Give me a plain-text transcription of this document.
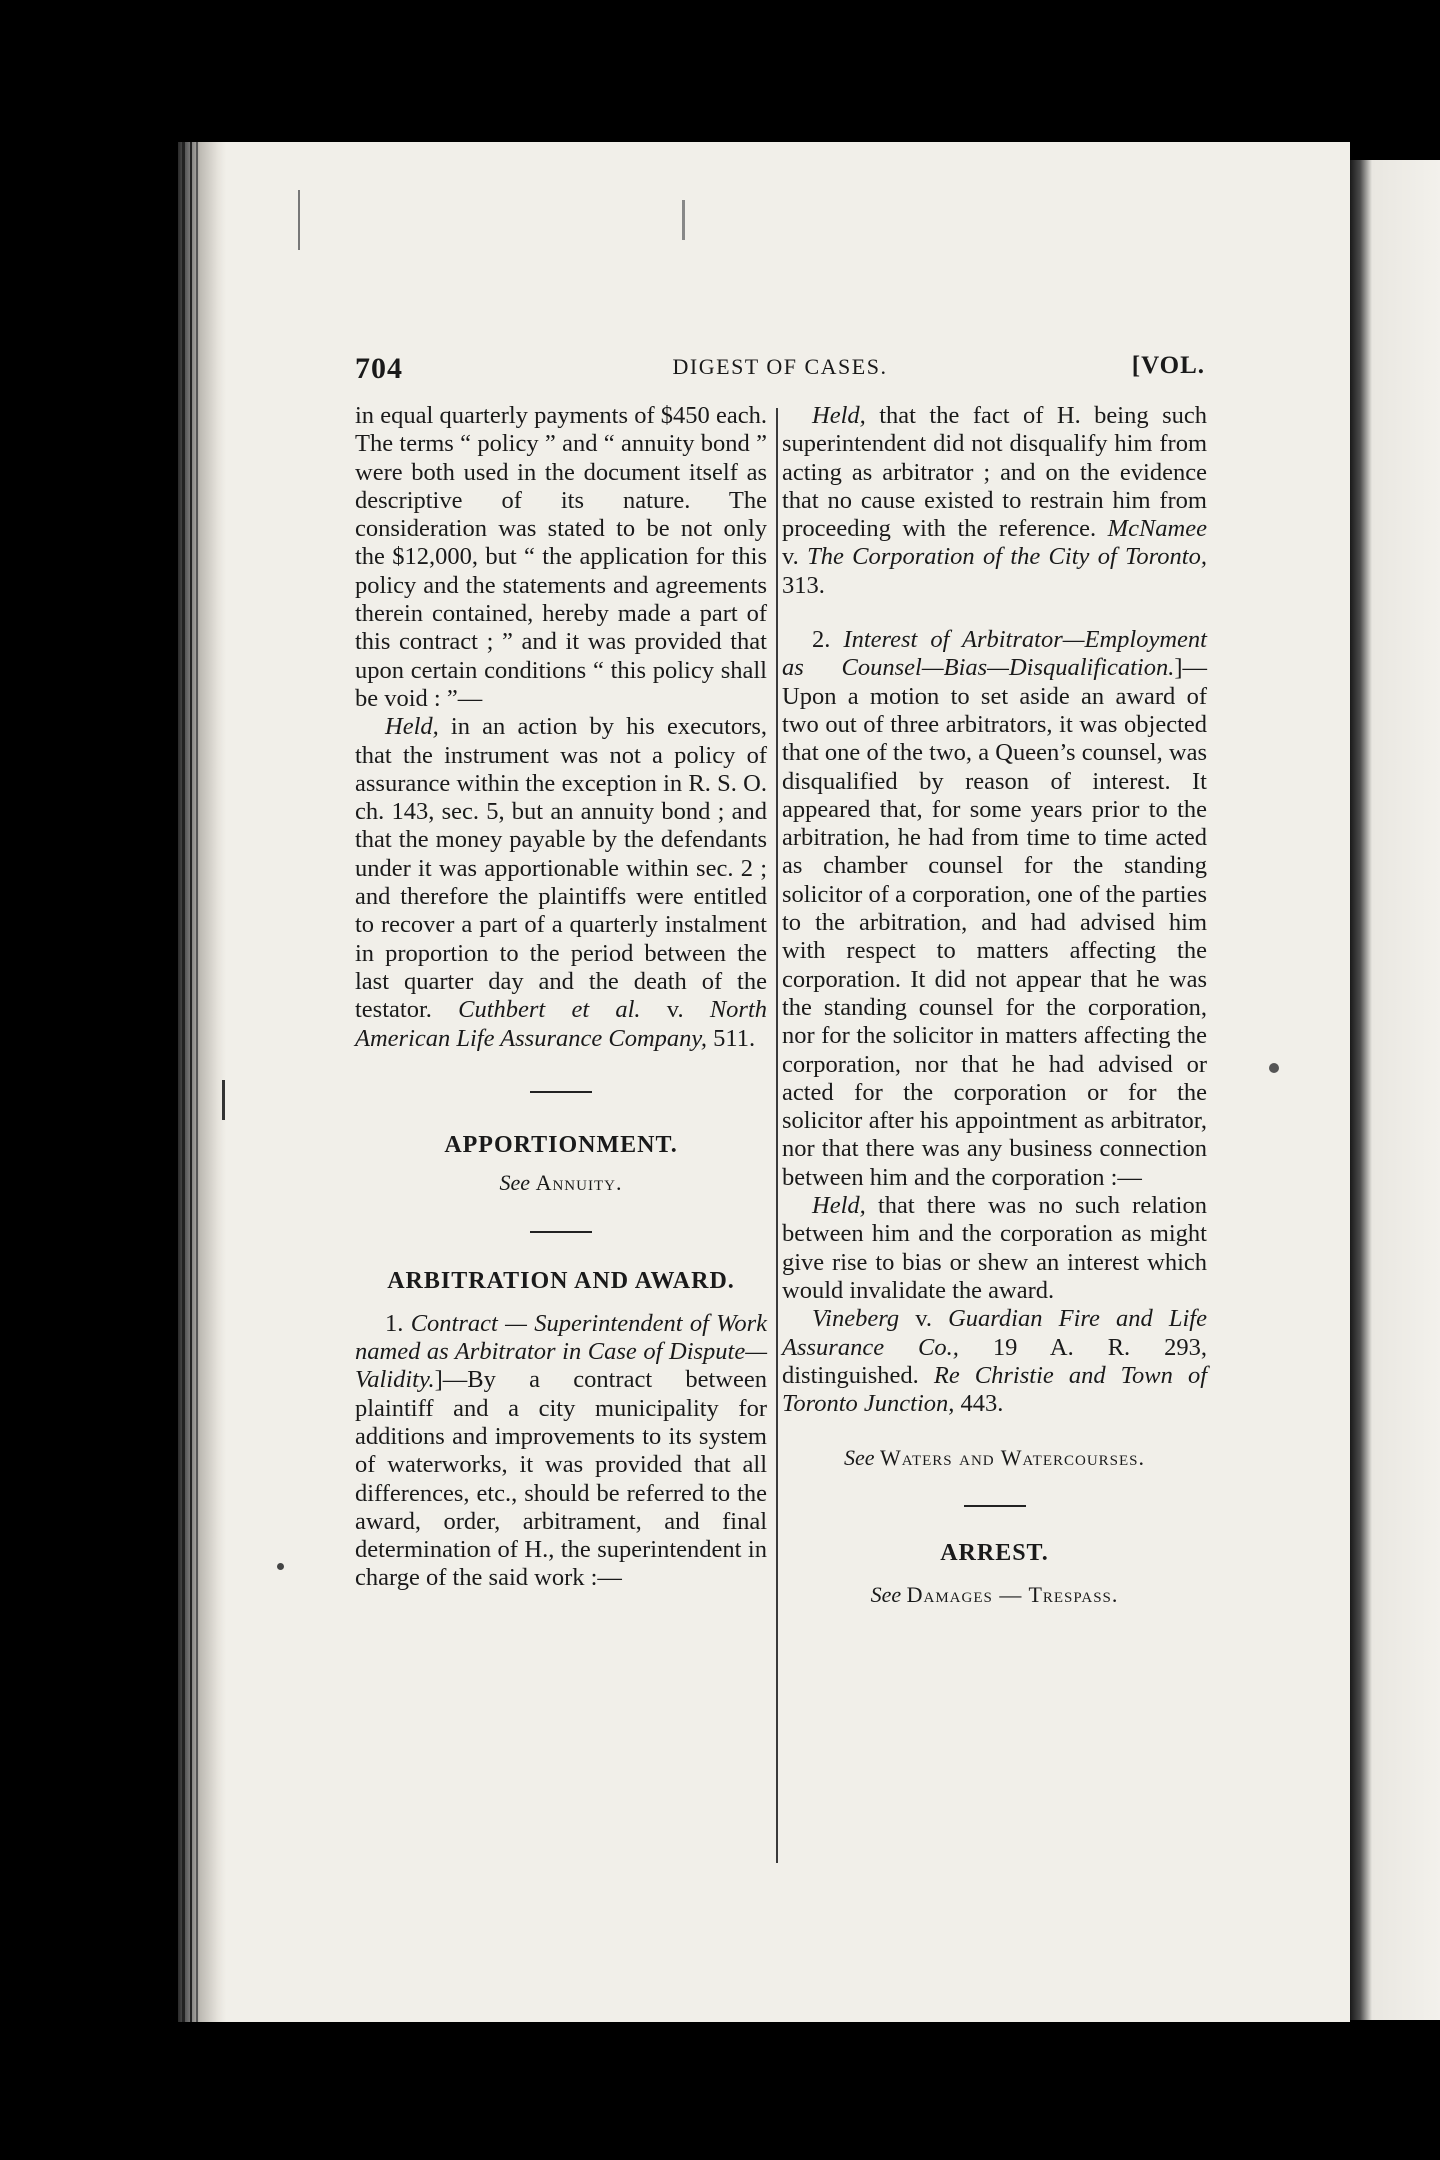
704	DIGEST OF CASES.	[VOL.

in equal quarterly payments of $450 each. The terms “ policy ” and “ annuity bond ” were both used in the document itself as descriptive of its nature. The consideration was stated to be not only the $12,000, but “ the application for this policy and the statements and agreements therein contained, hereby made a part of this contract ; ” and it was provided that upon certain conditions “ this policy shall be void : ”—

Held, in an action by his executors, that the instrument was not a policy of assurance within the exception in R. S. O. ch. 143, sec. 5, but an annuity bond ; and that the money payable by the defendants under it was apportionable within sec. 2 ; and therefore the plaintiffs were entitled to recover a part of a quarterly instalment in proportion to the period between the last quarter day and the death of the testator. Cuthbert et al. v. North American Life Assurance Company, 511.

APPORTIONMENT.

See Annuity.

ARBITRATION AND AWARD.

1. Contract — Superintendent of Work named as Arbitrator in Case of Dispute—Validity.]—By a contract between plaintiff and a city municipality for additions and improvements to its system of waterworks, it was provided that all differences, etc., should be referred to the award, order, arbitrament, and final determination of H., the superintendent in charge of the said work :—

Held, that the fact of H. being such superintendent did not disqualify him from acting as arbitrator ; and on the evidence that no cause existed to restrain him from proceeding with the reference. McNamee v. The Corporation of the City of Toronto, 313.

2. Interest of Arbitrator—Employment as Counsel—Bias—Disqualification.]—Upon a motion to set aside an award of two out of three arbitrators, it was objected that one of the two, a Queen’s counsel, was disqualified by reason of interest. It appeared that, for some years prior to the arbitration, he had from time to time acted as chamber counsel for the standing solicitor of a corporation, one of the parties to the arbitration, and had advised him with respect to matters affecting the corporation. It did not appear that he was the standing counsel for the corporation, nor for the solicitor in matters affecting the corporation, nor that he had advised or acted for the corporation or for the solicitor after his appointment as arbitrator, nor that there was any business connection between him and the corporation :—

Held, that there was no such relation between him and the corporation as might give rise to bias or shew an interest which would invalidate the award.

Vineberg v. Guardian Fire and Life Assurance Co., 19 A. R. 293, distinguished. Re Christie and Town of Toronto Junction, 443.

See Waters and Watercourses.

ARREST.

See Damages — Trespass.
